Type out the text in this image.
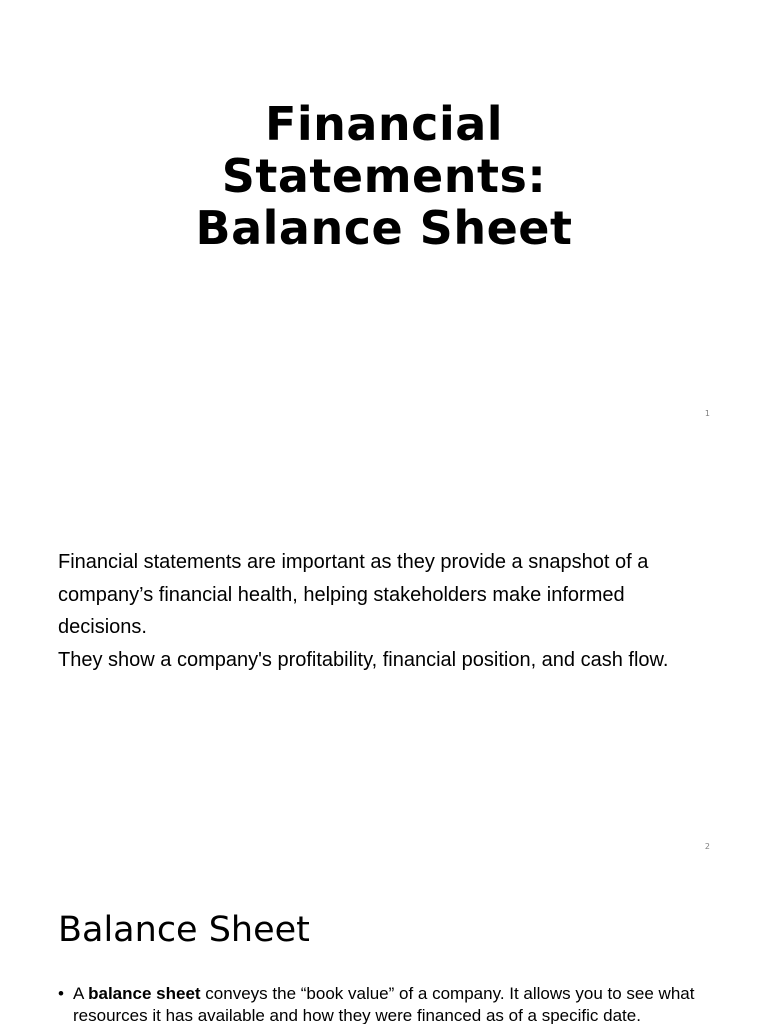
Financial
Statements:
Balance Sheet
1

Financial statements are important as they provide a snapshot of a company’s financial health, helping stakeholders make informed decisions.

They show a company's profitability, financial position, and cash flow.

2
Balance Sheet
• A balance sheet conveys the “book value” of a company. It allows you to see what resources it has available and how they were financed as of a specific date.
